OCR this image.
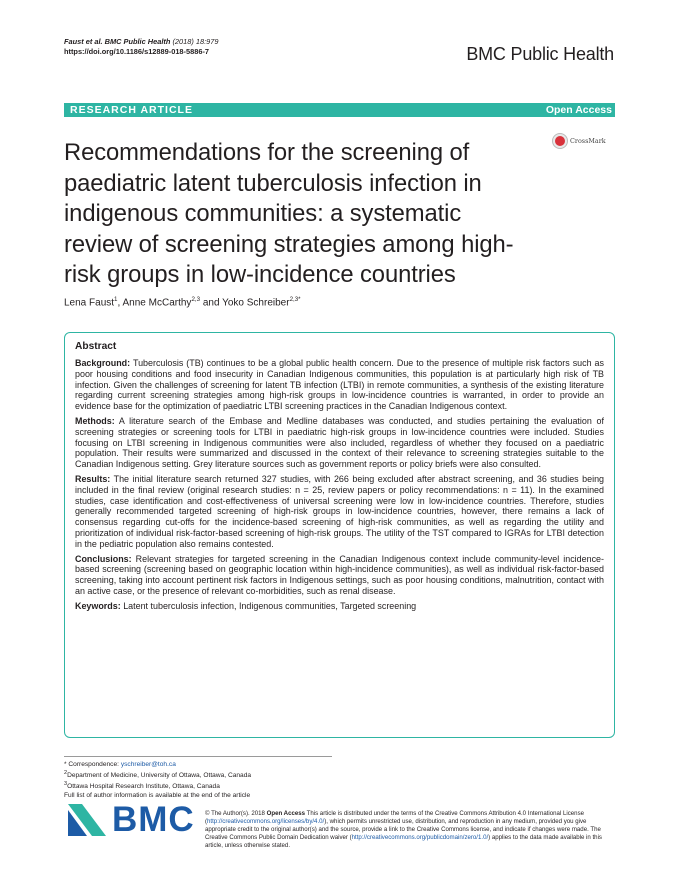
Faust et al. BMC Public Health (2018) 18:979
https://doi.org/10.1186/s12889-018-5886-7	BMC Public Health
RESEARCH ARTICLE	Open Access
CrossMark
Recommendations for the screening of paediatric latent tuberculosis infection in indigenous communities: a systematic review of screening strategies among high-risk groups in low-incidence countries
Lena Faust$^1$, Anne McCarthy$^{2,3}$ and Yoko Schreiber$^{2,3*}$
Abstract

Background: Tuberculosis (TB) continues to be a global public health concern. Due to the presence of multiple risk factors such as poor housing conditions and food insecurity in Canadian Indigenous communities, this population is at particularly high risk of TB infection. Given the challenges of screening for latent TB infection (LTBI) in remote communities, a synthesis of the existing literature regarding current screening strategies among high-risk groups in low-incidence countries is warranted, in order to provide an evidence base for the optimization of paediatric LTBI screening practices in the Canadian Indigenous context.

Methods: A literature search of the Embase and Medline databases was conducted, and studies pertaining the evaluation of screening strategies or screening tools for LTBI in paediatric high-risk groups in low-incidence countries were included. Studies focusing on LTBI screening in Indigenous communities were also included, regardless of whether they focused on a paediatric population. Their results were summarized and discussed in the context of their relevance to screening strategies suitable to the Canadian Indigenous setting. Grey literature sources such as government reports or policy briefs were also consulted.

Results: The initial literature search returned 327 studies, with 266 being excluded after abstract screening, and 36 studies being included in the final review (original research studies: n = 25, review papers or policy recommendations: n = 11). In the examined studies, case identification and cost-effectiveness of universal screening were low in low-incidence countries. Therefore, studies generally recommended targeted screening of high-risk groups in low-incidence countries, however, there remains a lack of consensus regarding cut-offs for the incidence-based screening of high-risk communities, as well as regarding the utility and prioritization of individual risk-factor-based screening of high-risk groups. The utility of the TST compared to IGRAs for LTBI detection in the pediatric population also remains contested.

Conclusions: Relevant strategies for targeted screening in the Canadian Indigenous context include community-level incidence-based screening (screening based on geographic location within high-incidence communities), as well as individual risk-factor-based screening, taking into account pertinent risk factors in Indigenous settings, such as poor housing conditions, malnutrition, contact with an active case, or the presence of relevant co-morbidities, such as renal disease.

Keywords: Latent tuberculosis infection, Indigenous communities, Targeted screening

* Correspondence: yschreiber@toh.ca
$^2$Department of Medicine, University of Ottawa, Ottawa, Canada
$^3$Ottawa Hospital Research Institute, Ottawa, Canada
Full list of author information is available at the end of the article
BMC © The Author(s). 2018 Open Access This article is distributed under the terms of the Creative Commons Attribution 4.0 International License (http://creativecommons.org/licenses/by/4.0/), which permits unrestricted use, distribution, and reproduction in any medium, provided you give appropriate credit to the original author(s) and the source, provide a link to the Creative Commons license, and indicate if changes were made. The Creative Commons Public Domain Dedication waiver (http://creativecommons.org/publicdomain/zero/1.0/) applies to the data made available in this article, unless otherwise stated.
